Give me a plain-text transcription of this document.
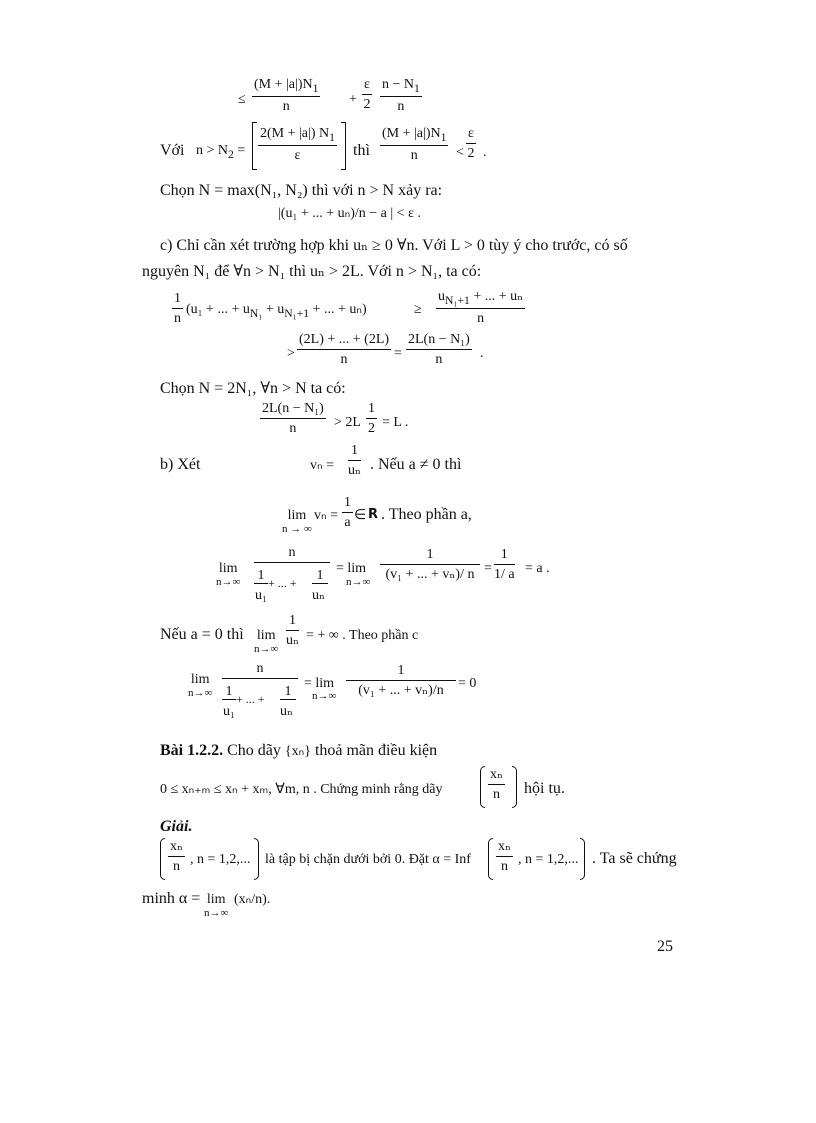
≤ $\frac{(M + |a|)N_1}{n} + \frac{\varepsilon}{2} \frac{n - N_1}{n}$
Với $n > N_2 = \frac{2(M + |a|) N_1}{\varepsilon}$ thì $\frac{(M + |a|)N_1}{n} < \frac{\varepsilon}{2}$ .
Chọn N = max(N₁, N₂) thì với n > N xảy ra:
|(u₁ + ... + uₙ)/n − a | < ε .
c) Chỉ cần xét trường hợp khi uₙ ≥ 0 ∀n. Với L > 0 tùy ý cho trước, có số
nguyên N₁ để ∀n > N₁ thì uₙ > 2L. Với n > N₁, ta có:
$\frac{1}{n} (u_1$ + ... + $u_{N_1} + u_{N_1+1}$ + ... + uₙ)	≥ $\frac{u_{N_1+1} + ... + u_n}{n}$
> $\frac{(2L) + ... + (2L)}{n} = \frac{\text{2L(n − N₁)}}{n}$ .
Chọn N = 2N₁, ∀n > N ta có:
$\frac{\text{2L(n − N₁)}}{n} > 2L \frac{1}{2} = L$ .
b) Xét	$v_n = \frac{1}{\text{uₙ}}$ . Nếu a ≠ 0 thì
lim
n → ∞
$v_n = \frac{1}{a}$ ∈ R . Theo phần a,
lim
n→∞ n
1
u₁
+ ... +	1
uₙ = lim
$n\to\infty \frac{1}{\text{(v₁ + ... + vₙ)/ n}} = \frac{1}{1/ a} = a$ .
Nếu a = 0 thì lim
n→∞
$\frac{1}{\text{uₙ}}$ = + ∞ . Theo phần c
lim
n→∞ n
1
u₁
+ ... +	1
uₙ = lim
$n\to\infty \frac{1}{\text{(v₁ + ... + vₙ)/n}} = 0$
Bài 1.2.2. Cho dãy {xₙ} thoả mãn điều kiện
0 ≤ xₙ₊ₘ ≤ xₙ + xₘ, ∀m, n . Chứng minh rằng dãy	$\frac{\text{xₙ}}{n}$ hội tụ.
Giải.
$\frac{\text{xₙ}}{n}$ , n = 1,2,... là tập bị chặn dưới bởi 0. Đặt α = Inf $\frac{\text{xₙ}}{n}$ , n = 1,2,... . Ta sẽ chứng
minh α = lim
n→∞
(xₙ/n).
25
